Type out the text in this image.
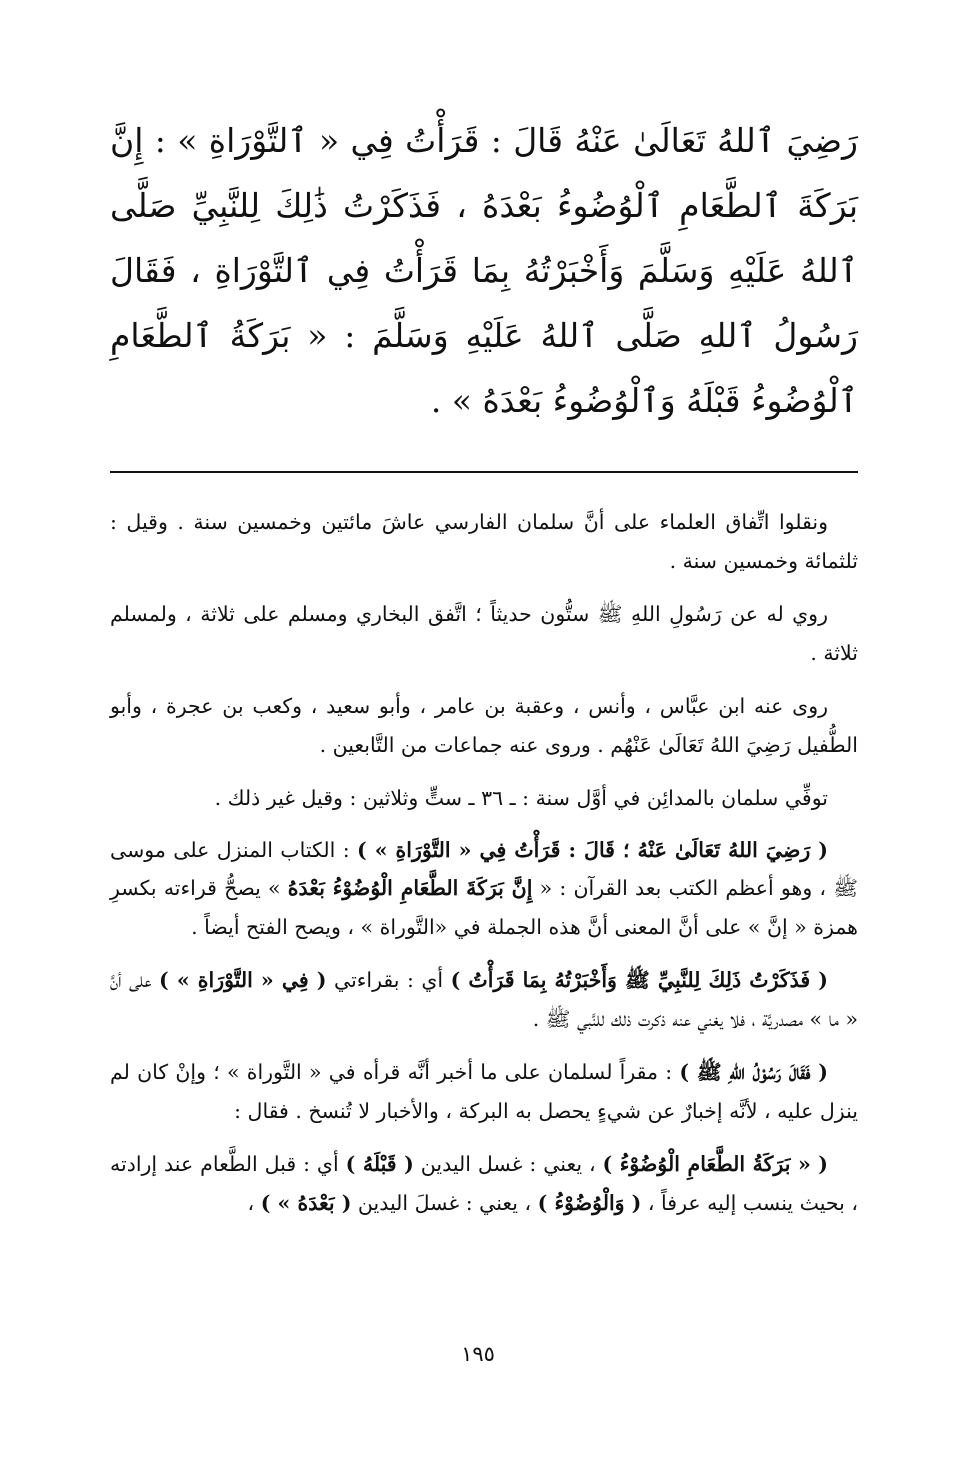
رَضِيَ ٱللهُ تَعَالَىٰ عَنْهُ قَالَ : قَرَأْتُ فِي « ٱلتَّوْرَاةِ » : إِنَّ بَرَكَةَ ٱلطَّعَامِ ٱلْوُضُوءُ بَعْدَهُ ، فَذَكَرْتُ ذَٰلِكَ لِلنَّبِيِّ صَلَّى ٱللهُ عَلَيْهِ وَسَلَّمَ وَأَخْبَرْتُهُ بِمَا قَرَأْتُ فِي ٱلتَّوْرَاةِ ، فَقَالَ رَسُولُ ٱللهِ صَلَّى ٱللهُ عَلَيْهِ وَسَلَّمَ : « بَرَكَةُ ٱلطَّعَامِ ٱلْوُضُوءُ قَبْلَهُ وَٱلْوُضُوءُ بَعْدَهُ » .

ونقلوا اتِّفاق العلماء على أنَّ سلمان الفارسي عاشَ مائتين وخمسين سنة . وقيل : ثلثمائة وخمسين سنة .

روي له عن رَسُولِ اللهِ ﷺ ستُّون حديثاً ؛ اتَّفق البخاري ومسلم على ثلاثة ، ولمسلم ثلاثة .

روى عنه ابن عبَّاس ، وأنس ، وعقبة بن عامر ، وأبو سعيد ، وكعب بن عجرة ، وأبو الطُّفيل رَضِيَ اللهُ تَعَالَىٰ عَنْهُم . وروى عنه جماعات من التَّابعين .

توفِّي سلمان بالمدائِن في أوَّل سنة : ـ ٣٦ ـ ستٍّ وثلاثين : وقيل غير ذلك .

( رَضِيَ اللهُ تَعَالَىٰ عَنْهُ ؛ قَالَ : قَرَأْتُ فِي « التَّوْرَاةِ » ) : الكتاب المنزل على موسى ﷺ ، وهو أعظم الكتب بعد القرآن : « إِنَّ بَرَكَةَ الطَّعَامِ الْوُضُوْءُ بَعْدَهُ » يصحُّ قراءته بكسرِ همزة « إنَّ » على أنَّ المعنى أنَّ هذه الجملة في «التَّوراة » ، ويصح الفتح أيضاً .

( فَذَكَرْتُ ذَلِكَ لِلنَّبِيِّ ﷺ وَأَخْبَرْتُهُ بِمَا قَرَأْتُ ) أي : بقراءتي ( فِي « التَّوْرَاةِ » ) على أنَّ « ما » مصدريَّة ، فلا يغني عنه ذكرت ذلك للنَّبي ﷺ .

( فَقَالَ رَسُوْلُ اللهِ ﷺ ) : مقراً لسلمان على ما أخبر أنَّه قرأه في « التَّوراة » ؛ وإنْ كان لم ينزل عليه ، لأنَّه إخبارٌ عن شيءٍ يحصل به البركة ، والأخبار لا تُنسخ . فقال :

( « بَرَكَةُ الطَّعَامِ الْوُضُوْءُ ) ، يعني : غسل اليدين ( قَبْلَهُ ) أي : قبل الطَّعام عند إرادته ، بحيث ينسب إليه عرفاً ، ( وَالْوُضُوْءُ ) ، يعني : غسلَ اليدين ( بَعْدَهُ » ) ،

١٩٥
